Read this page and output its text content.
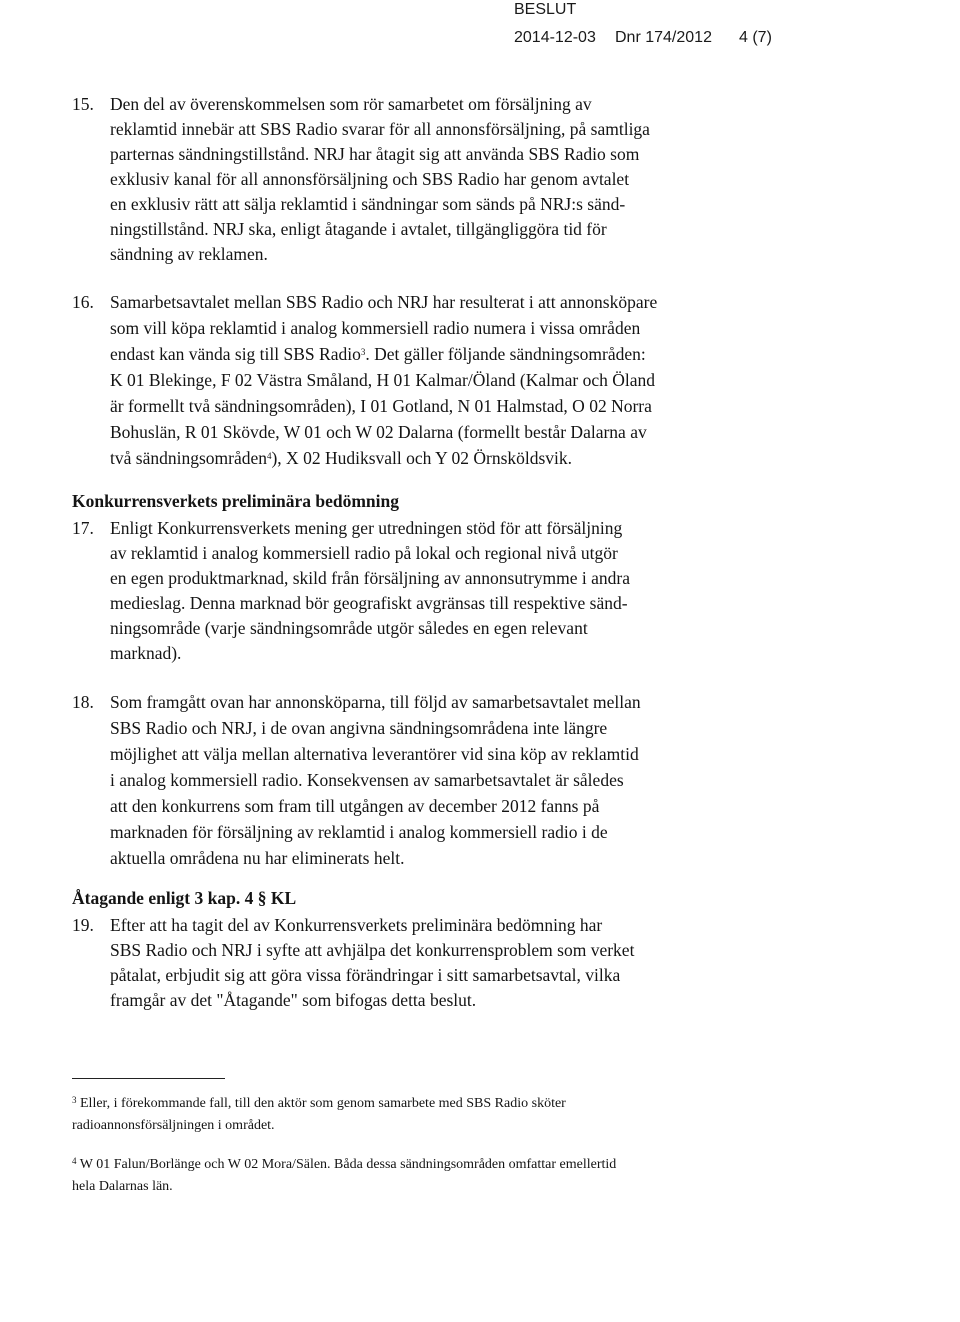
BESLUT
2014-12-03 Dnr 174/2012 4 (7)
15. Den del av överenskommelsen som rör samarbetet om försäljning av
reklamtid innebär att SBS Radio svarar för all annonsförsäljning, på samtliga
parternas sändningstillstånd. NRJ har åtagit sig att använda SBS Radio som
exklusiv kanal för all annonsförsäljning och SBS Radio har genom avtalet
en exklusiv rätt att sälja reklamtid i sändningar som sänds på NRJ:s sänd-
ningstillstånd. NRJ ska, enligt åtagande i avtalet, tillgängliggöra tid för
sändning av reklamen.
16. Samarbetsavtalet mellan SBS Radio och NRJ har resulterat i att annonsköpare
som vill köpa reklamtid i analog kommersiell radio numera i vissa områden
endast kan vända sig till SBS Radio$^3$. Det gäller följande sändningsområden:
K 01 Blekinge, F 02 Västra Småland, H 01 Kalmar/Öland (Kalmar och Öland
är formellt två sändningsområden), I 01 Gotland, N 01 Halmstad, O 02 Norra
Bohuslän, R 01 Skövde, W 01 och W 02 Dalarna (formellt består Dalarna av
två sändningsområden$^4$), X 02 Hudiksvall och Y 02 Örnsköldsvik.
Konkurrensverkets preliminära bedömning
17. Enligt Konkurrensverkets mening ger utredningen stöd för att försäljning
av reklamtid i analog kommersiell radio på lokal och regional nivå utgör
en egen produktmarknad, skild från försäljning av annonsutrymme i andra
medieslag. Denna marknad bör geografiskt avgränsas till respektive sänd-
ningsområde (varje sändningsområde utgör således en egen relevant
marknad).
18. Som framgått ovan har annonsköparna, till följd av samarbetsavtalet mellan
SBS Radio och NRJ, i de ovan angivna sändningsområdena inte längre
möjlighet att välja mellan alternativa leverantörer vid sina köp av reklamtid
i analog kommersiell radio. Konsekvensen av samarbetsavtalet är således
att den konkurrens som fram till utgången av december 2012 fanns på
marknaden för försäljning av reklamtid i analog kommersiell radio i de
aktuella områdena nu har eliminerats helt.
Åtagande enligt 3 kap. 4 § KL
19. Efter att ha tagit del av Konkurrensverkets preliminära bedömning har
SBS Radio och NRJ i syfte att avhjälpa det konkurrensproblem som verket
påtalat, erbjudit sig att göra vissa förändringar i sitt samarbetsavtal, vilka
framgår av det "Åtagande" som bifogas detta beslut.
$^3$ Eller, i förekommande fall, till den aktör som genom samarbete med SBS Radio sköter
radioannonsförsäljningen i området.
$^4$ W 01 Falun/Borlänge och W 02 Mora/Sälen. Båda dessa sändningsområden omfattar emellertid
hela Dalarnas län.
